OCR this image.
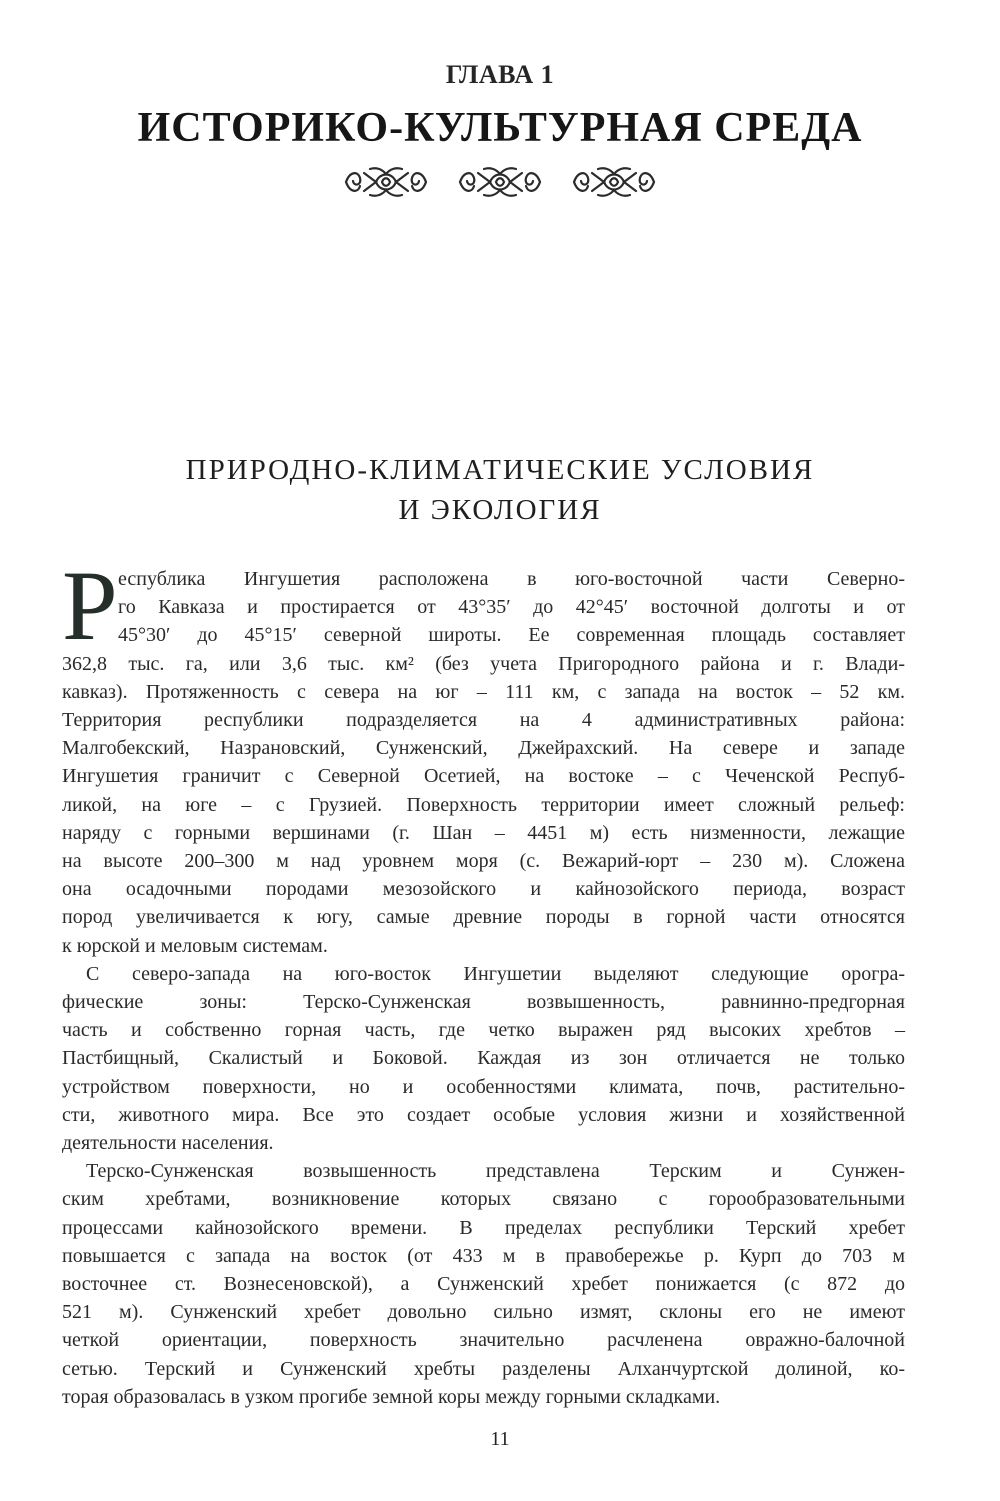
ГЛАВА 1
ИСТОРИКО-КУЛЬТУРНАЯ СРЕДА
ПРИРОДНО-КЛИМАТИЧЕСКИЕ УСЛОВИЯ
И ЭКОЛОГИЯ
Р еспублика Ингушетия расположена в юго-восточной части Северно-
го Кавказа и простирается от 43°35′ до 42°45′ восточной долготы и от
45°30′ до 45°15′ северной широты. Ее современная площадь составляет
362,8 тыс. га, или 3,6 тыс. км² (без учета Пригородного района и г. Влади-
кавказ). Протяженность с севера на юг – 111 км, с запада на восток – 52 км.
Территория республики подразделяется на 4 административных района:
Малгобекский, Назрановский, Сунженский, Джейрахский. На севере и западе
Ингушетия граничит с Северной Осетией, на востоке – с Чеченской Респуб-
ликой, на юге – с Грузией. Поверхность территории имеет сложный рельеф:
наряду с горными вершинами (г. Шан – 4451 м) есть низменности, лежащие
на высоте 200–300 м над уровнем моря (с. Вежарий-юрт – 230 м). Сложена
она осадочными породами мезозойского и кайнозойского периода, возраст
пород увеличивается к югу, самые древние породы в горной части относятся
к юрской и меловым системам.
С северо-запада на юго-восток Ингушетии выделяют следующие орогра-
фические зоны: Терско-Сунженская возвышенность, равнинно-предгорная
часть и собственно горная часть, где четко выражен ряд высоких хребтов –
Пастбищный, Скалистый и Боковой. Каждая из зон отличается не только
устройством поверхности, но и особенностями климата, почв, растительно-
сти, животного мира. Все это создает особые условия жизни и хозяйственной
деятельности населения.
Терско-Сунженская возвышенность представлена Терским и Сунжен-
ским хребтами, возникновение которых связано с горообразовательными
процессами кайнозойского времени. В пределах республики Терский хребет
повышается с запада на восток (от 433 м в правобережье р. Курп до 703 м
восточнее ст. Вознесеновской), а Сунженский хребет понижается (с 872 до
521 м). Сунженский хребет довольно сильно измят, склоны его не имеют
четкой ориентации, поверхность значительно расчленена овражно-балочной
сетью. Терский и Сунженский хребты разделены Алханчуртской долиной, ко-
торая образовалась в узком прогибе земной коры между горными складками.
11
